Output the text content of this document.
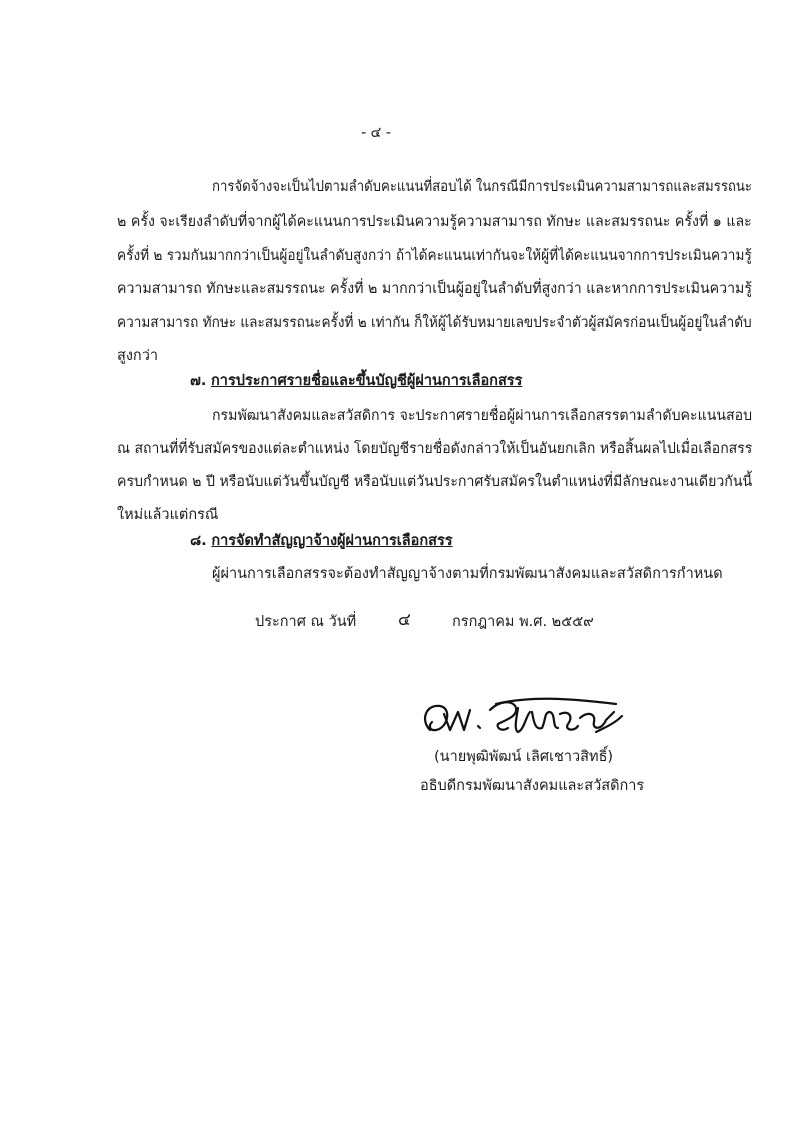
- ๔ -
การจัดจ้างจะเป็นไปตามลำดับคะแนนที่สอบได้ ในกรณีมีการประเมินความสามารถและสมรรถนะ
๒ ครั้ง จะเรียงลำดับที่จากผู้ได้คะแนนการประเมินความรู้ความสามารถ ทักษะ และสมรรถนะ ครั้งที่ ๑ และ
ครั้งที่ ๒ รวมกันมากกว่าเป็นผู้อยู่ในลำดับสูงกว่า ถ้าได้คะแนนเท่ากันจะให้ผู้ที่ได้คะแนนจากการประเมินความรู้
ความสามารถ ทักษะและสมรรถนะ ครั้งที่ ๒ มากกว่าเป็นผู้อยู่ในลำดับที่สูงกว่า และหากการประเมินความรู้
ความสามารถ ทักษะ และสมรรถนะครั้งที่ ๒ เท่ากัน ก็ให้ผู้ได้รับหมายเลขประจำตัวผู้สมัครก่อนเป็นผู้อยู่ในลำดับ
สูงกว่า
๗. การประกาศรายชื่อและขึ้นบัญชีผู้ผ่านการเลือกสรร
กรมพัฒนาสังคมและสวัสดิการ จะประกาศรายชื่อผู้ผ่านการเลือกสรรตามลำดับคะแนนสอบ
ณ สถานที่ที่รับสมัครของแต่ละตำแหน่ง โดยบัญชีรายชื่อดังกล่าวให้เป็นอันยกเลิก หรือสิ้นผลไปเมื่อเลือกสรร
ครบกำหนด ๒ ปี หรือนับแต่วันขึ้นบัญชี หรือนับแต่วันประกาศรับสมัครในตำแหน่งที่มีลักษณะงานเดียวกันนี้
ใหม่แล้วแต่กรณี
๘. การจัดทำสัญญาจ้างผู้ผ่านการเลือกสรร
ผู้ผ่านการเลือกสรรจะต้องทำสัญญาจ้างตามที่กรมพัฒนาสังคมและสวัสดิการกำหนด
ประกาศ ณ วันที่ ๔	กรกฎาคม พ.ศ. ๒๕๕๙
(นายพุฒิพัฒน์ เลิศเชาวสิทธิ์)
อธิบดีกรมพัฒนาสังคมและสวัสดิการ
